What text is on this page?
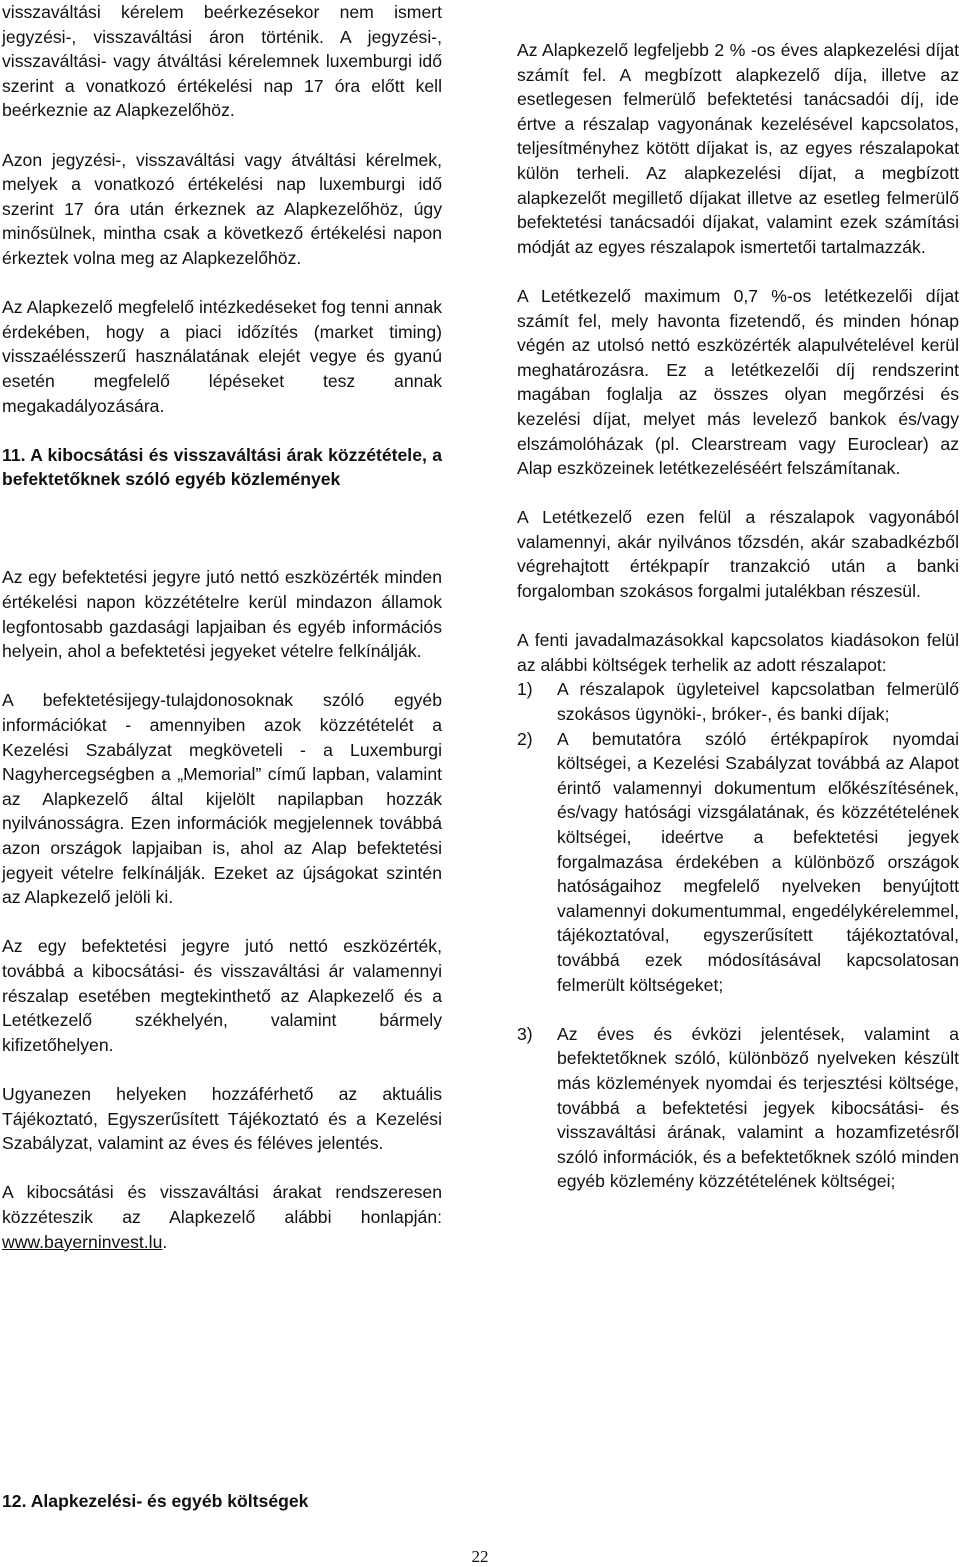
visszaváltási kérelem beérkezésekor nem ismert jegyzési-, visszaváltási áron történik. A jegyzési-, visszaváltási- vagy átváltási kérelemnek luxemburgi idő szerint a vonatkozó értékelési nap 17 óra előtt kell beérkeznie az Alapkezelőhöz.

Azon jegyzési-, visszaváltási vagy átváltási kérelmek, melyek a vonatkozó értékelési nap luxemburgi idő szerint 17 óra után érkeznek az Alapkezelőhöz, úgy minősülnek, mintha csak a következő értékelési napon érkeztek volna meg az Alapkezelőhöz.

Az Alapkezelő megfelelő intézkedéseket fog tenni annak érdekében, hogy a piaci időzítés (market timing) visszaélésszerű használatának elejét vegye és gyanú esetén megfelelő lépéseket tesz annak megakadályozására.

11. A kibocsátási és visszaváltási árak közzététele, a befektetőknek szóló egyéb közlemények

Az egy befektetési jegyre jutó nettó eszközérték minden értékelési napon közzétételre kerül mindazon államok legfontosabb gazdasági lapjaiban és egyéb információs helyein, ahol a befektetési jegyeket vételre felkínálják.

A befektetésijegy-tulajdonosoknak szóló egyéb információkat - amennyiben azok közzétételét a Kezelési Szabályzat megköveteli - a Luxemburgi Nagyhercegségben a „Memorial” című lapban, valamint az Alapkezelő által kijelölt napilapban hozzák nyilvánosságra. Ezen információk megjelennek továbbá azon országok lapjaiban is, ahol az Alap befektetési jegyeit vételre felkínálják. Ezeket az újságokat szintén az Alapkezelő jelöli ki.

Az egy befektetési jegyre jutó nettó eszközérték, továbbá a kibocsátási- és visszaváltási ár valamennyi részalap esetében megtekinthető az Alapkezelő és a Letétkezelő székhelyén, valamint bármely kifizetőhelyen.

Ugyanezen helyeken hozzáférhető az aktuális Tájékoztató, Egyszerűsített Tájékoztató és a Kezelési Szabályzat, valamint az éves és féléves jelentés.

A kibocsátási és visszaváltási árakat rendszeresen közzéteszik az Alapkezelő alábbi honlapján: www.bayerninvest.lu.

Az Alapkezelő legfeljebb 2 % -os éves alapkezelési díjat számít fel. A megbízott alapkezelő díja, illetve az esetlegesen felmerülő befektetési tanácsadói díj, ide értve a részalap vagyonának kezelésével kapcsolatos, teljesítményhez kötött díjakat is, az egyes részalapokat külön terheli. Az alapkezelési díjat, a megbízott alapkezelőt megillető díjakat illetve az esetleg felmerülő befektetési tanácsadói díjakat, valamint ezek számítási módját az egyes részalapok ismertetői tartalmazzák.

A Letétkezelő maximum 0,7 %-os letétkezelői díjat számít fel, mely havonta fizetendő, és minden hónap végén az utolsó nettó eszközérték alapulvételével kerül meghatározásra. Ez a letétkezelői díj rendszerint magában foglalja az összes olyan megőrzési és kezelési díjat, melyet más levelező bankok és/vagy elszámolóházak (pl. Clearstream vagy Euroclear) az Alap eszközeinek letétkezeléséért felszámítanak.

A Letétkezelő ezen felül a részalapok vagyonából valamennyi, akár nyilvános tőzsdén, akár szabadkézből végrehajtott értékpapír tranzakció után a banki forgalomban szokásos forgalmi jutalékban részesül.

A fenti javadalmazásokkal kapcsolatos kiadásokon felül az alábbi költségek terhelik az adott részalapot:

1) A részalapok ügyleteivel kapcsolatban felmerülő szokásos ügynöki-, bróker-, és banki díjak;

2) A bemutatóra szóló értékpapírok nyomdai költségei, a Kezelési Szabályzat továbbá az Alapot érintő valamennyi dokumentum előkészítésének, és/vagy hatósági vizsgálatának, és közzétételének költségei, ideértve a befektetési jegyek forgalmazása érdekében a különböző országok hatóságaihoz megfelelő nyelveken benyújtott valamennyi dokumentummal, engedélykérelemmel, tájékoztatóval, egyszerűsített tájékoztatóval, továbbá ezek módosításával kapcsolatosan felmerült költségeket;

3) Az éves és évközi jelentések, valamint a befektetőknek szóló, különböző nyelveken készült más közlemények nyomdai és terjesztési költsége, továbbá a befektetési jegyek kibocsátási- és visszaváltási árának, valamint a hozamfizetésről szóló információk, és a befektetőknek szóló minden egyéb közlemény közzétételének költségei;

12. Alapkezelési- és egyéb költségek
22
